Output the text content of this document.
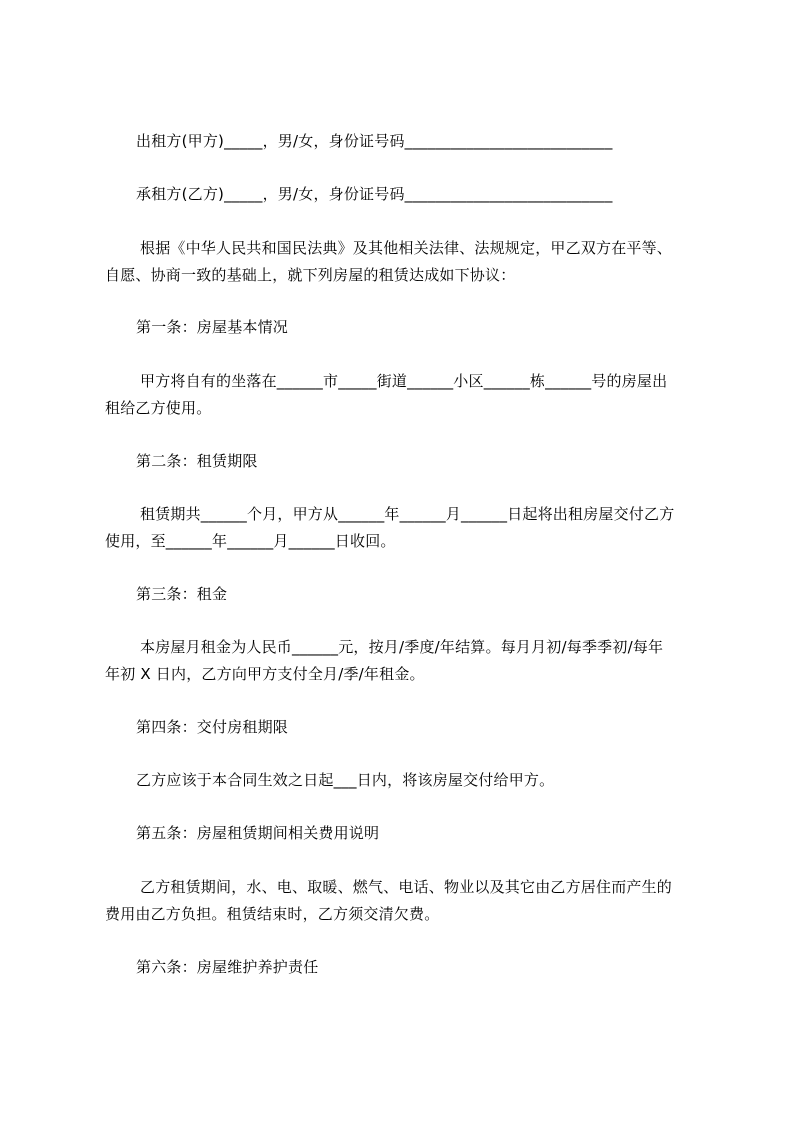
出租方(甲方)_____，男/女，身份证号码___________________________
承租方(乙方)_____，男/女，身份证号码___________________________
根据《中华人民共和国民法典》及其他相关法律、法规规定，甲乙双方在平等、
自愿、协商一致的基础上，就下列房屋的租赁达成如下协议：
第一条：房屋基本情况
甲方将自有的坐落在______市_____街道______小区______栋______号的房屋出
租给乙方使用。
第二条：租赁期限
租赁期共______个月，甲方从______年______月______日起将出租房屋交付乙方
使用，至______年______月______日收回。
第三条：租金
本房屋月租金为人民币______元，按月/季度/年结算。每月月初/每季季初/每年
年初 X 日内，乙方向甲方支付全月/季/年租金。
第四条：交付房租期限
乙方应该于本合同生效之日起___日内，将该房屋交付给甲方。
第五条：房屋租赁期间相关费用说明
乙方租赁期间，水、电、取暖、燃气、电话、物业以及其它由乙方居住而产生的
费用由乙方负担。租赁结束时，乙方须交清欠费。
第六条：房屋维护养护责任
